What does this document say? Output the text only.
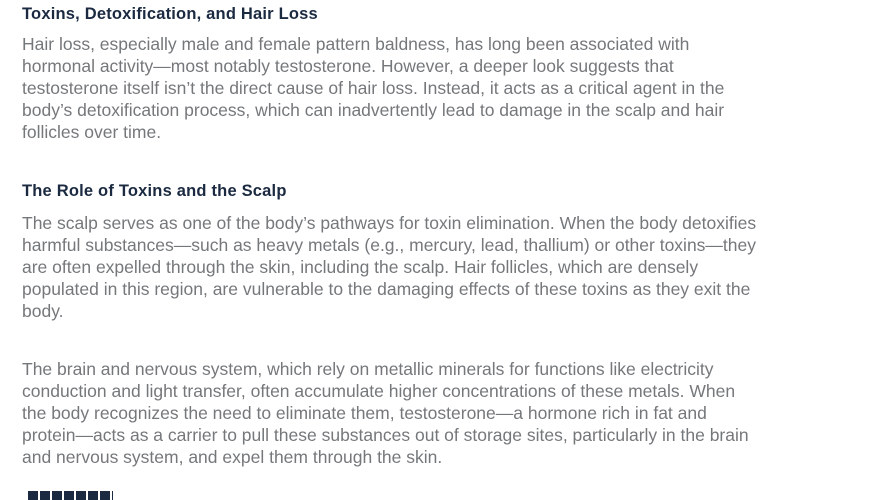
Toxins, Detoxification, and Hair Loss
Hair loss, especially male and female pattern baldness, has long been associated with
hormonal activity—most notably testosterone. However, a deeper look suggests that
testosterone itself isn’t the direct cause of hair loss. Instead, it acts as a critical agent in the
body’s detoxification process, which can inadvertently lead to damage in the scalp and hair
follicles over time.
The Role of Toxins and the Scalp
The scalp serves as one of the body’s pathways for toxin elimination. When the body detoxifies
harmful substances—such as heavy metals (e.g., mercury, lead, thallium) or other toxins—they
are often expelled through the skin, including the scalp. Hair follicles, which are densely
populated in this region, are vulnerable to the damaging effects of these toxins as they exit the
body.
The brain and nervous system, which rely on metallic minerals for functions like electricity
conduction and light transfer, often accumulate higher concentrations of these metals. When
the body recognizes the need to eliminate them, testosterone—a hormone rich in fat and
protein—acts as a carrier to pull these substances out of storage sites, particularly in the brain
and nervous system, and expel them through the skin.
